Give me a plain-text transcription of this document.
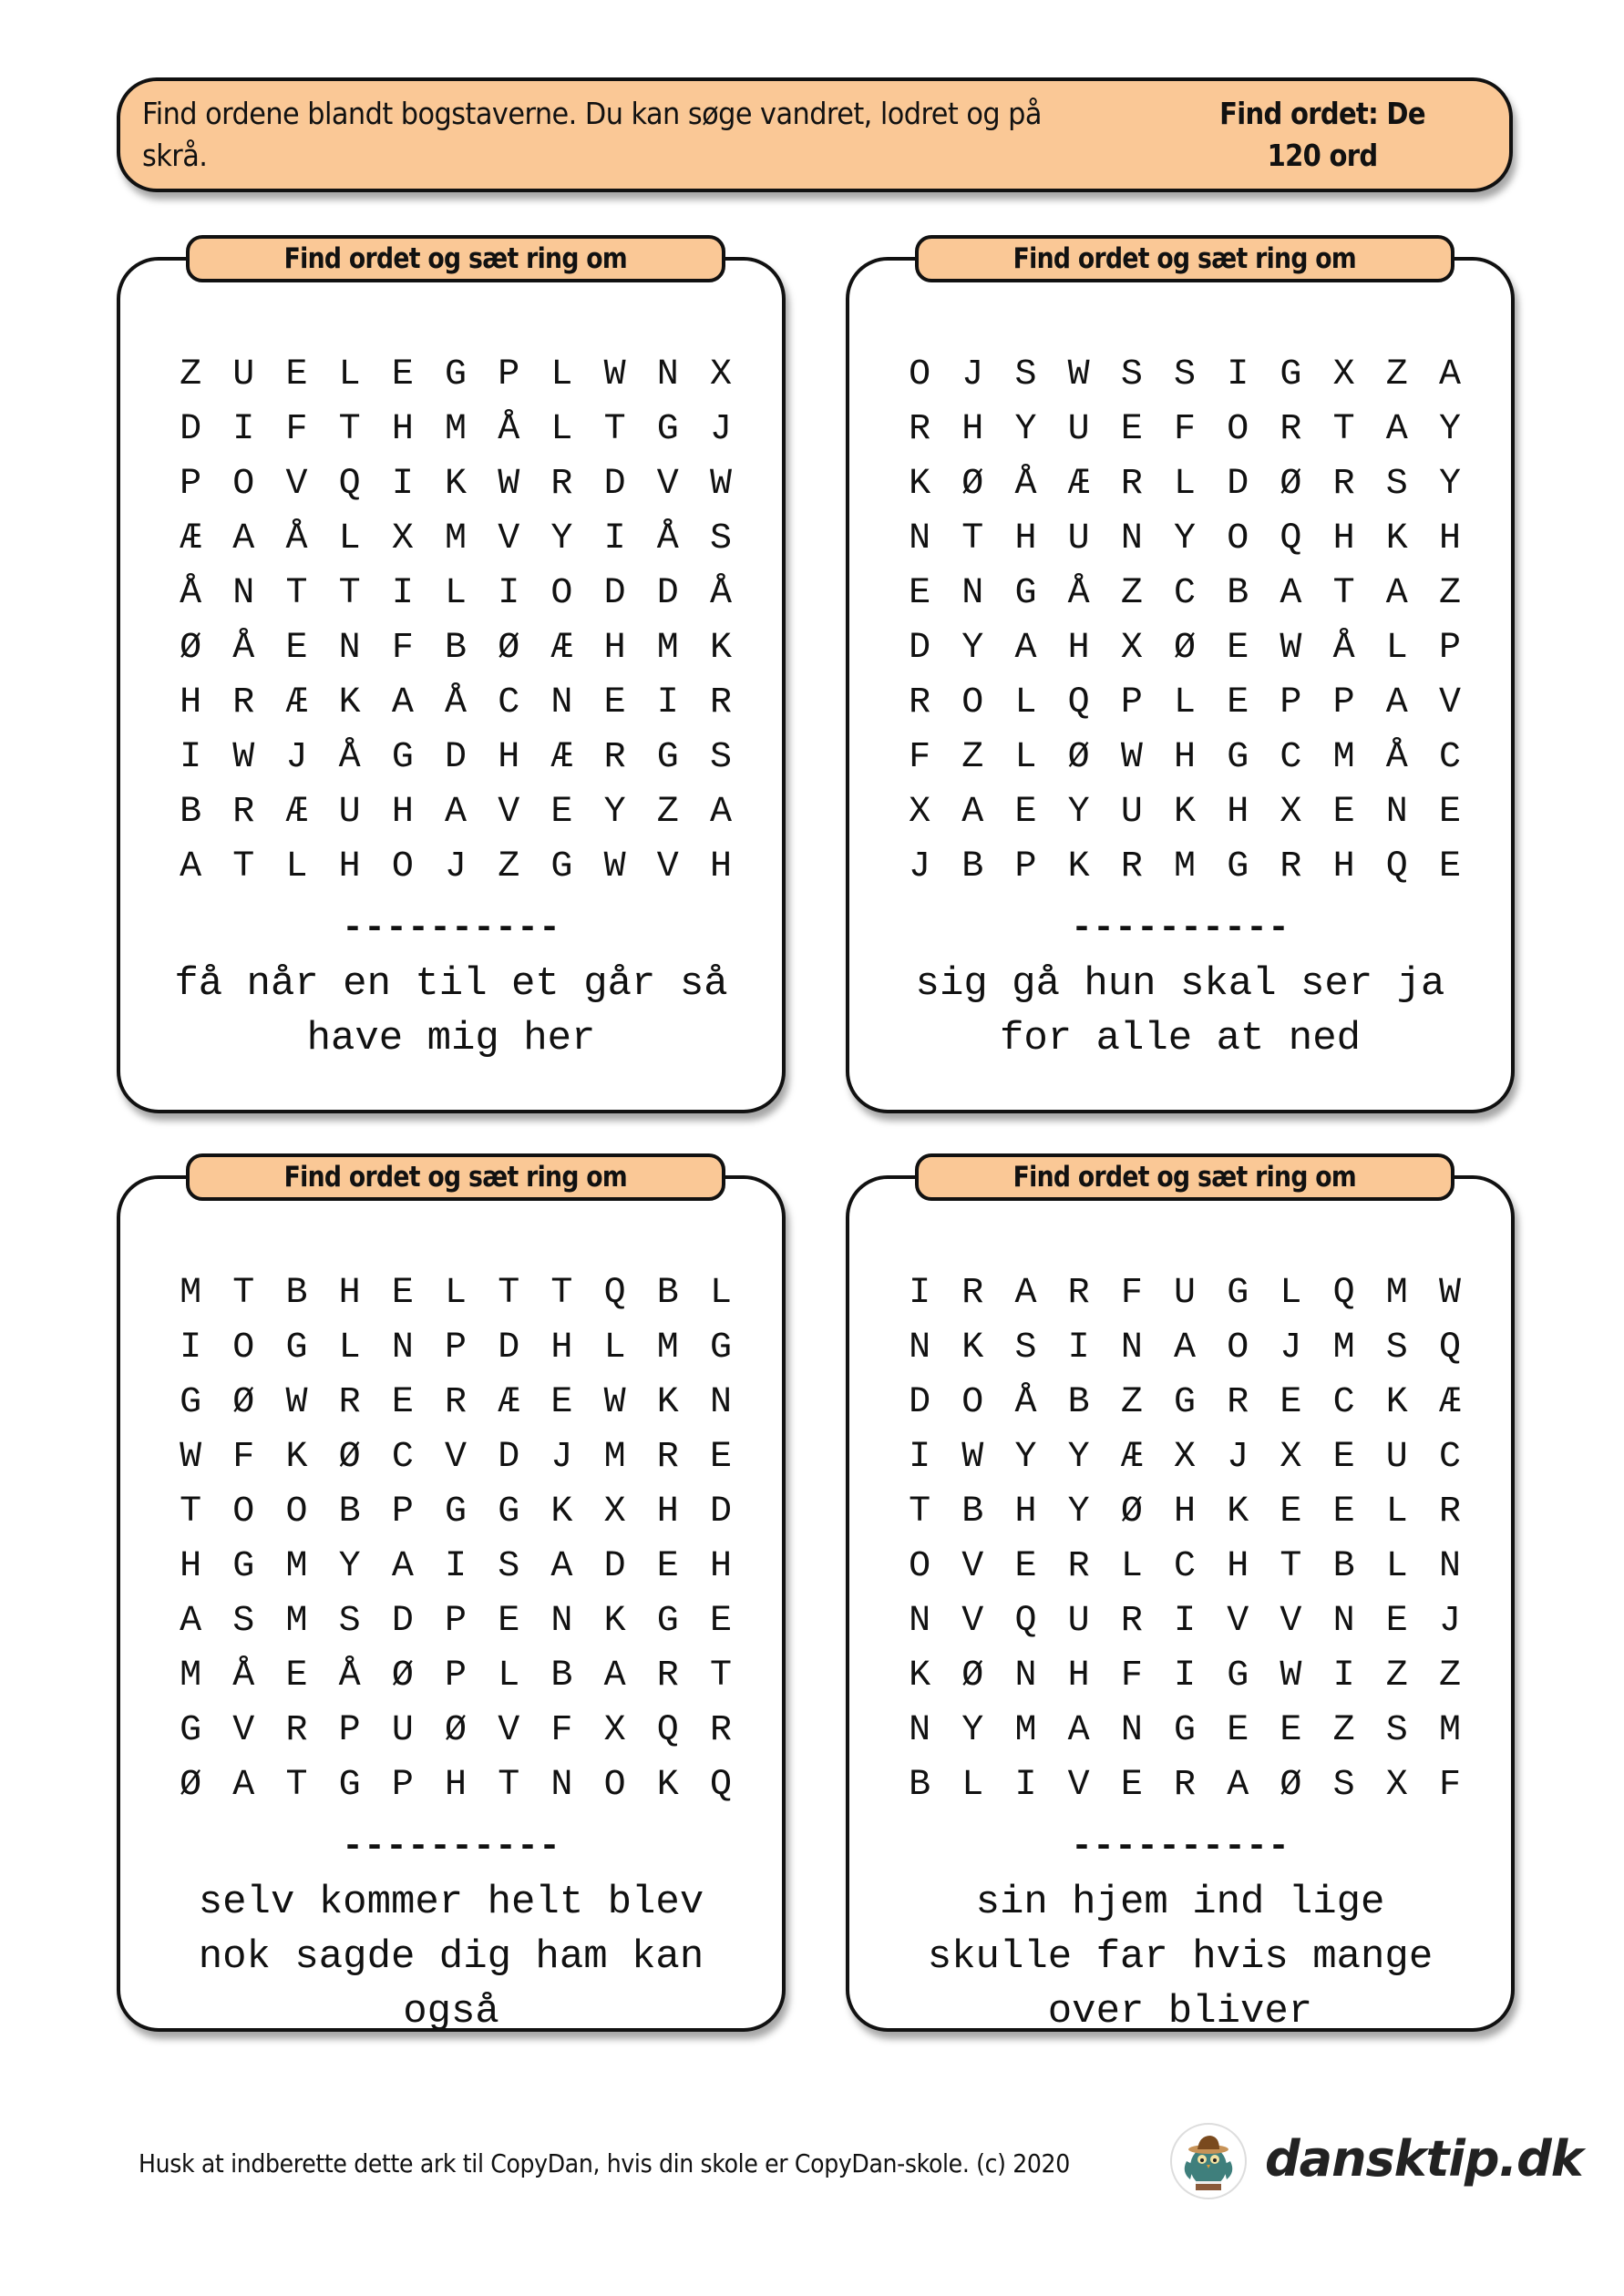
Find ordene blandt bogstaverne. Du kan søge vandret, lodret og på skrå.
Find ordet: De 120 ord
Find ordet og sæt ring om
Z U E L E G P L W N X
D I F T H M Å L T G J
P O V Q I K W R D V W
Æ A Å L X M V Y I Å S
Å N T T I L I O D D Å
Ø Å E N F B Ø Æ H M K
H R Æ K A Å C N E I R
I W J Å G D H Æ R G S
B R Æ U H A V E Y Z A
A T L H O J Z G W V H
----------
få når en til et går så
have mig her
Find ordet og sæt ring om
O J S W S S I G X Z A
R H Y U E F O R T A Y
K Ø Å Æ R L D Ø R S Y
N T H U N Y O Q H K H
E N G Å Z C B A T A Z
D Y A H X Ø E W Å L P
R O L Q P L E P P A V
F Z L Ø W H G C M Å C
X A E Y U K H X E N E
J B P K R M G R H Q E
----------
sig gå hun skal ser ja
for alle at ned
Find ordet og sæt ring om
M T B H E L T T Q B L
I O G L N P D H L M G
G Ø W R E R Æ E W K N
W F K Ø C V D J M R E
T O O B P G G K X H D
H G M Y A I S A D E H
A S M S D P E N K G E
M Å E Å Ø P L B A R T
G V R P U Ø V F X Q R
Ø A T G P H T N O K Q
----------
selv kommer helt blev
nok sagde dig ham kan
også
Find ordet og sæt ring om
I R A R F U G L Q M W
N K S I N A O J M S Q
D O Å B Z G R E C K Æ
I W Y Y Æ X J X E U C
T B H Y Ø H K E E L R
O V E R L C H T B L N
N V Q U R I V V N E J
K Ø N H F I G W I Z Z
N Y M A N G E E Z S M
B L I V E R A Ø S X F
----------
sin hjem ind lige
skulle far hvis mange
over bliver
Husk at indberette dette ark til CopyDan, hvis din skole er CopyDan-skole. (c) 2020	dansktip.dk
